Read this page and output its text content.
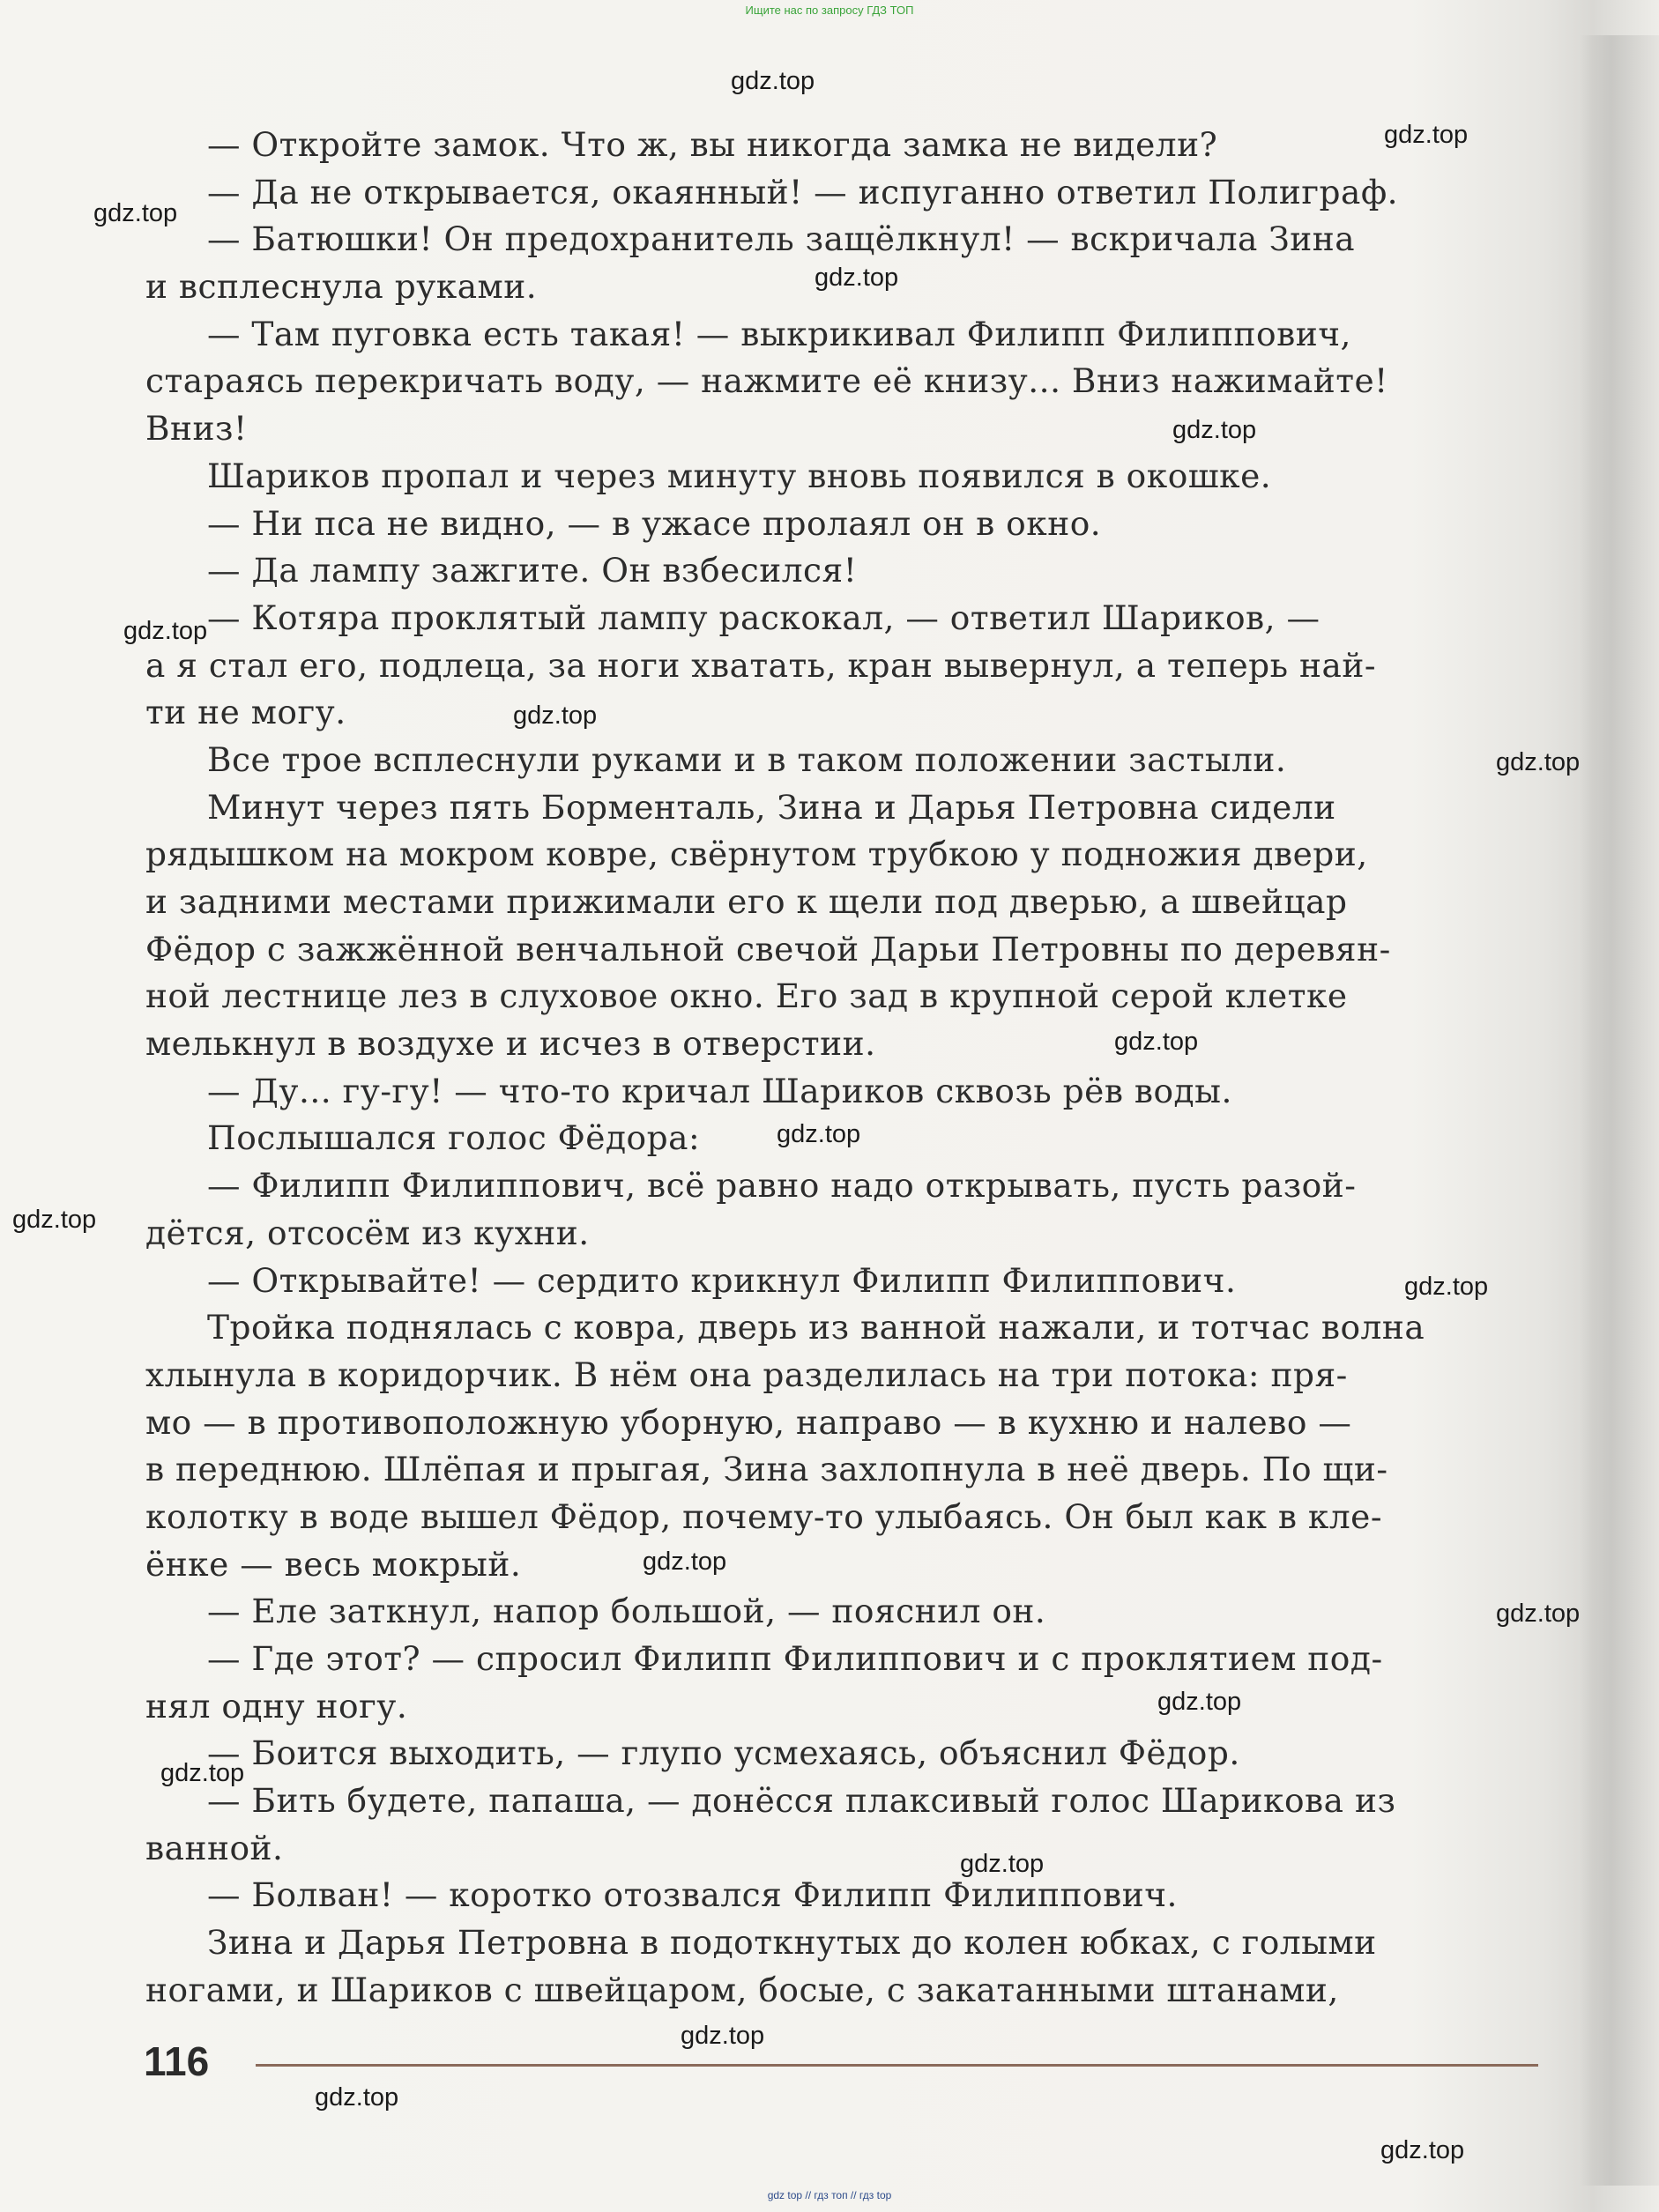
Ищите нас по запросу ГДЗ ТОП
— Откройте замок. Что ж, вы никогда замка не видели?
— Да не открывается, окаянный! — испуганно ответил Полиграф.
— Батюшки! Он предохранитель защёлкнул! — вскричала Зина
и всплеснула руками.
— Там пуговка есть такая! — выкрикивал Филипп Филиппович,
стараясь перекричать воду, — нажмите её книзу... Вниз нажимайте!
Вниз!
Шариков пропал и через минуту вновь появился в окошке.
— Ни пса не видно, — в ужасе пролаял он в окно.
— Да лампу зажгите. Он взбесился!
— Котяра проклятый лампу раскокал, — ответил Шариков, —
а я стал его, подлеца, за ноги хватать, кран вывернул, а теперь най-
ти не могу.
Все трое всплеснули руками и в таком положении застыли.
Минут через пять Борменталь, Зина и Дарья Петровна сидели
рядышком на мокром ковре, свёрнутом трубкою у подножия двери,
и задними местами прижимали его к щели под дверью, а швейцар
Фёдор с зажжённой венчальной свечой Дарьи Петровны по деревян-
ной лестнице лез в слуховое окно. Его зад в крупной серой клетке
мелькнул в воздухе и исчез в отверстии.
— Ду... гу-гу! — что-то кричал Шариков сквозь рёв воды.
Послышался голос Фёдора:
— Филипп Филиппович, всё равно надо открывать, пусть разой-
дётся, отсосём из кухни.
— Открывайте! — сердито крикнул Филипп Филиппович.
Тройка поднялась с ковра, дверь из ванной нажали, и тотчас волна
хлынула в коридорчик. В нём она разделилась на три потока: пря-
мо — в противоположную уборную, направо — в кухню и налево —
в переднюю. Шлёпая и прыгая, Зина захлопнула в неё дверь. По щи-
колотку в воде вышел Фёдор, почему-то улыбаясь. Он был как в кле-
ёнке — весь мокрый.
— Еле заткнул, напор большой, — пояснил он.
— Где этот? — спросил Филипп Филиппович и с проклятием под-
нял одну ногу.
— Боится выходить, — глупо усмехаясь, объяснил Фёдор.
— Бить будете, папаша, — донёсся плаксивый голос Шарикова из
ванной.
— Болван! — коротко отозвался Филипп Филиппович.
Зина и Дарья Петровна в подоткнутых до колен юбках, с голыми
ногами, и Шариков с швейцаром, босые, с закатанными штанами,
gdz.top
gdz.top
gdz.top
gdz.top
gdz.top
gdz.top
gdz.top
gdz.top
gdz.top
gdz.top
gdz.top
gdz.top
gdz.top
gdz.top
gdz.top
gdz.top
gdz.top
gdz.top
gdz.top
gdz.top
116
gdz top // гдз топ // гдз top
